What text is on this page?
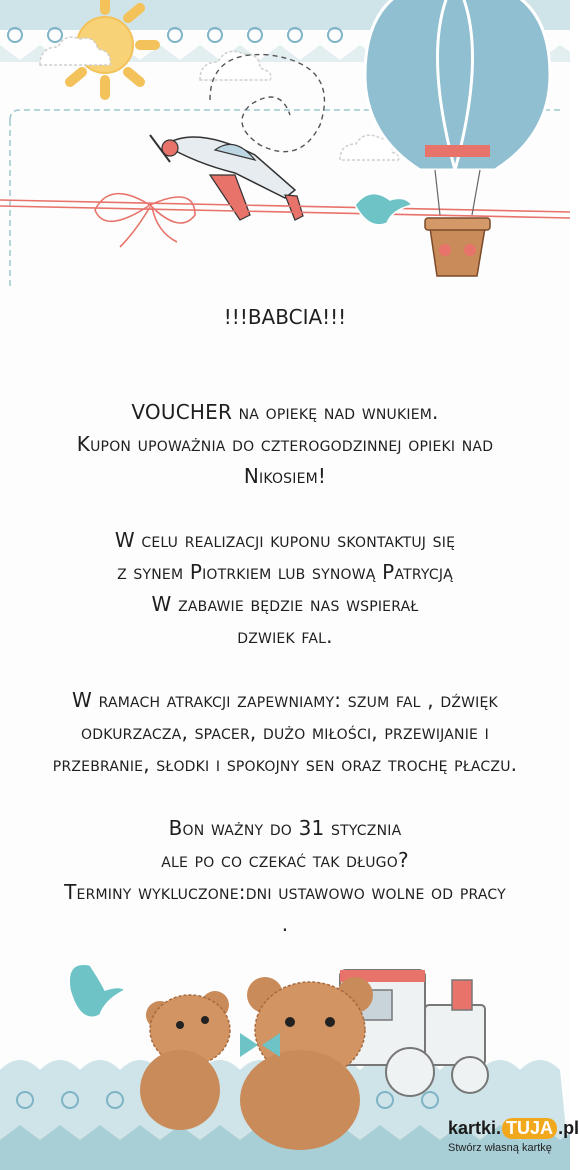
!!!BABCIA!!!
VOUCHER na opiekę nad wnukiem.
Kupon upoważnia do czterogodzinnej opieki nad
Nikosiem!
W celu realizacji kuponu skontaktuj się
z synem Piotrkiem lub synową Patrycją
W zabawie będzie nas wspierał
dzwiek fal.
W ramach atrakcji zapewniamy: szum fal , dźwięk
odkurzacza, spacer, dużo miłości, przewijanie i
przebranie, słodki i spokojny sen oraz trochę płaczu.
Bon ważny do 31 stycznia
ale po co czekać tak długo?
Terminy wykluczone:dni ustawowo wolne od pracy
.
kartki. TUJA .pl
Stwórz własną kartkę
